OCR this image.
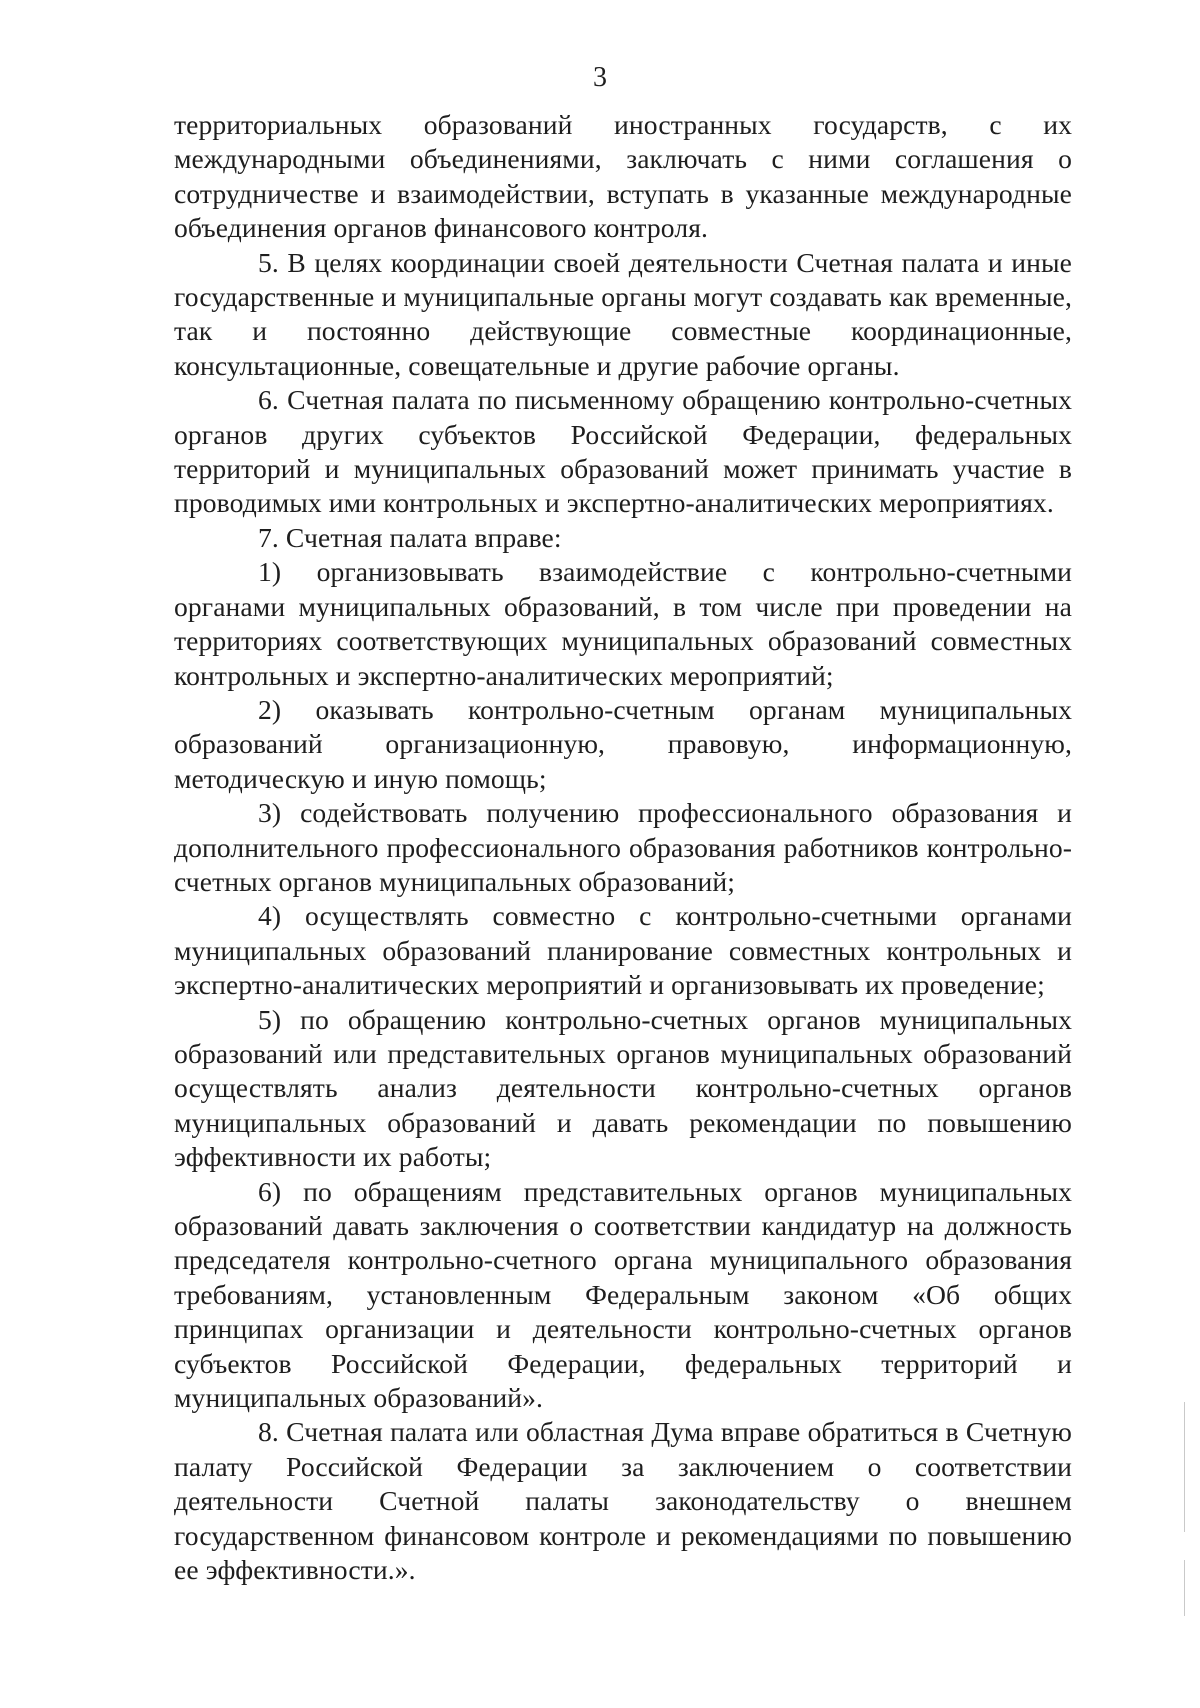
3

территориальных образований иностранных государств, с их международными объединениями, заключать с ними соглашения о сотрудничестве и взаимодействии, вступать в указанные международные объединения органов финансового контроля.

5. В целях координации своей деятельности Счетная палата и иные государственные и муниципальные органы могут создавать как временные, так и постоянно действующие совместные координационные, консультационные, совещательные и другие рабочие органы.

6. Счетная палата по письменному обращению контрольно-счетных органов других субъектов Российской Федерации, федеральных территорий и муниципальных образований может принимать участие в проводимых ими контрольных и экспертно-аналитических мероприятиях.

7. Счетная палата вправе:

1) организовывать взаимодействие с контрольно-счетными органами муниципальных образований, в том числе при проведении на территориях соответствующих муниципальных образований совместных контрольных и экспертно-аналитических мероприятий;

2) оказывать контрольно-счетным органам муниципальных образований организационную, правовую, информационную, методическую и иную помощь;

3) содействовать получению профессионального образования и дополнительного профессионального образования работников контрольно-счетных органов муниципальных образований;

4) осуществлять совместно с контрольно-счетными органами муниципальных образований планирование совместных контрольных и экспертно-аналитических мероприятий и организовывать их проведение;

5) по обращению контрольно-счетных органов муниципальных образований или представительных органов муниципальных образований осуществлять анализ деятельности контрольно-счетных органов муниципальных образований и давать рекомендации по повышению эффективности их работы;

6) по обращениям представительных органов муниципальных образований давать заключения о соответствии кандидатур на должность председателя контрольно-счетного органа муниципального образования требованиям, установленным Федеральным законом «Об общих принципах организации и деятельности контрольно-счетных органов субъектов Российской Федерации, федеральных территорий и муниципальных образований».

8. Счетная палата или областная Дума вправе обратиться в Счетную палату Российской Федерации за заключением о соответствии деятельности Счетной палаты законодательству о внешнем государственном финансовом контроле и рекомендациями по повышению ее эффективности.».
